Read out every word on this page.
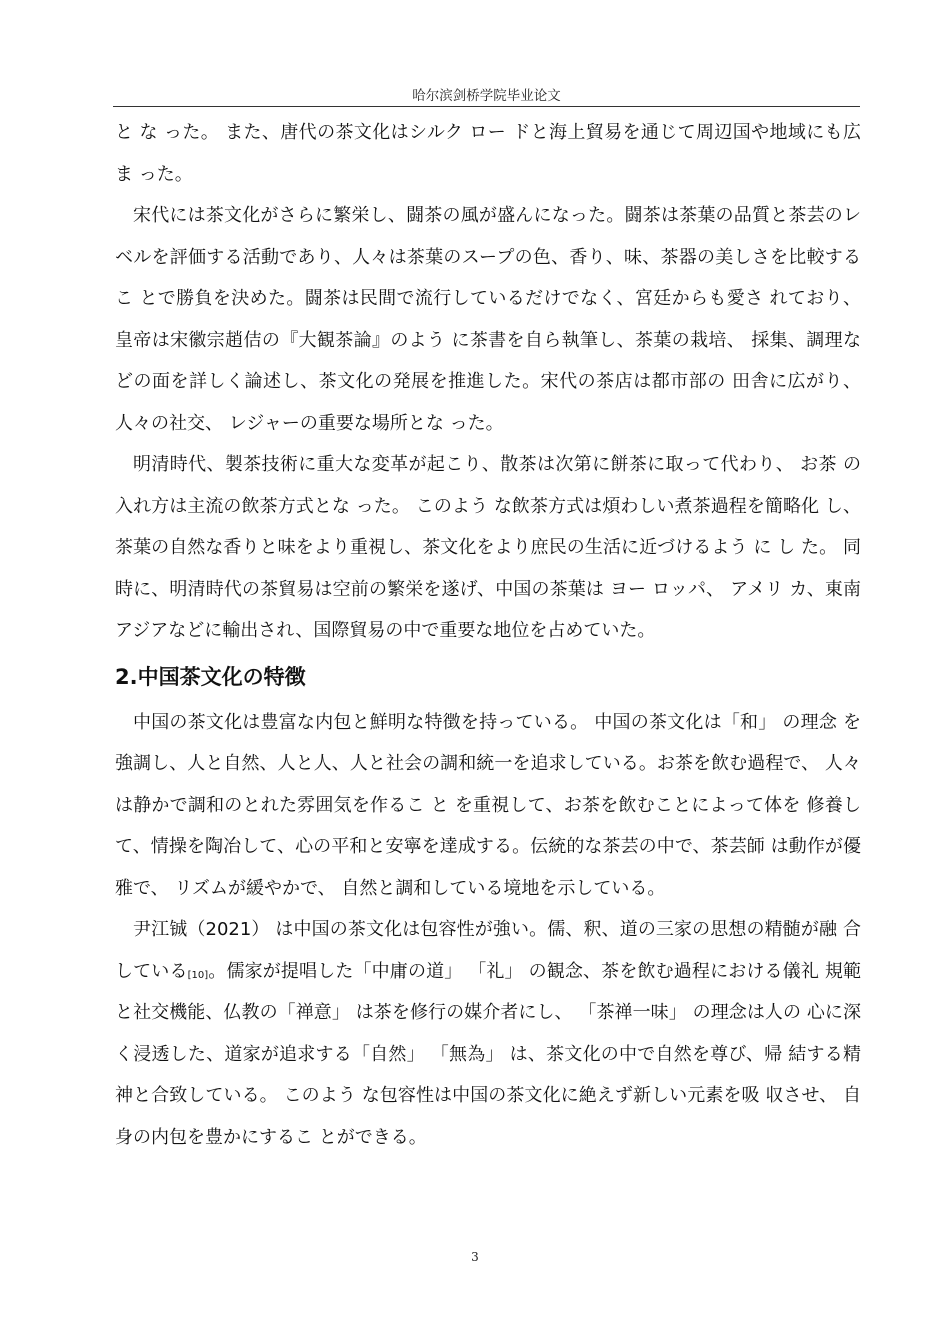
哈尔滨剑桥学院毕业论文

と な った。 また、唐代の茶文化はシルク ロー ドと海上貿易を通じて周辺国や地域にも広 ま った。

宋代には茶文化がさらに繁栄し、闘茶の風が盛んになった。闘茶は茶葉の品質と茶芸のレベルを評価する活動であり、人々は茶葉のスープの色、香り、味、茶器の美しさを比較するこ とで勝負を決めた。闘茶は民間で流行しているだけでなく、宮廷からも愛さ れており、皇帝は宋徽宗趙佶の『大観茶論』のよう に茶書を自ら執筆し、茶葉の栽培、 採集、調理などの面を詳しく論述し、茶文化の発展を推進した。宋代の茶店は都市部の 田舎に広がり、人々の社交、 レジャーの重要な場所とな った。

明清時代、製茶技術に重大な変革が起こり、散茶は次第に餅茶に取って代わり、 お茶 の入れ方は主流の飲茶方式とな った。 このよう な飲茶方式は煩わしい煮茶過程を簡略化 し、茶葉の自然な香りと味をより重視し、茶文化をより庶民の生活に近づけるよう に し た。 同時に、明清時代の茶貿易は空前の繁栄を遂げ、中国の茶葉は ヨー ロッパ、 アメリ カ、東南アジアなどに輸出され、国際貿易の中で重要な地位を占めていた。

2.中国茶文化の特徴

中国の茶文化は豊富な内包と鮮明な特徴を持っている。 中国の茶文化は「和」 の理念 を強調し、人と自然、人と人、人と社会の調和統一を追求している。お茶を飲む過程で、 人々は静かで調和のとれた雰囲気を作るこ と を重視して、お茶を飲むことによって体を 修養して、情操を陶冶して、心の平和と安寧を達成する。伝統的な茶芸の中で、茶芸師 は動作が優雅で、 リズムが緩やかで、 自然と調和している境地を示している。

尹江铖（2021） は中国の茶文化は包容性が強い。儒、釈、道の三家の思想の精髄が融 合している[10]。儒家が提唱した「中庸の道」 「礼」 の観念、茶を飲む過程における儀礼 規範と社交機能、仏教の「禅意」 は茶を修行の媒介者にし、 「茶禅一味」 の理念は人の 心に深く浸透した、道家が追求する「自然」 「無為」 は、茶文化の中で自然を尊び、帰 結する精神と合致している。 このよう な包容性は中国の茶文化に絶えず新しい元素を吸 収させ、 自身の内包を豊かにするこ とができる。

3
